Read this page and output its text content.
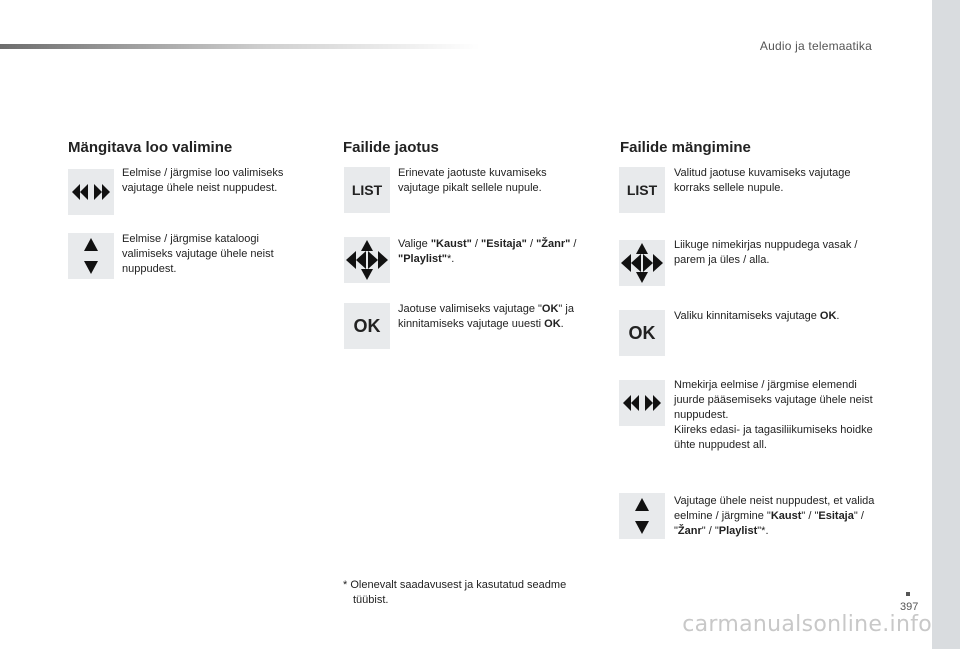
Audio ja telemaatika
Mängitava loo valimine
Eelmise / järgmise loo valimiseks vajutage ühele neist nuppudest.
Eelmise / järgmise kataloogi valimiseks vajutage ühele neist nuppudest.
Failide jaotus
LIST
Erinevate jaotuste kuvamiseks vajutage pikalt sellele nupule.
Valige "Kaust" / "Esitaja" / "Žanr" / "Playlist"*.
OK
Jaotuse valimiseks vajutage "OK" ja kinnitamiseks vajutage uuesti OK.
* Olenevalt saadavusest ja kasutatud seadme
tüübist.
Failide mängimine
LIST
Valitud jaotuse kuvamiseks vajutage korraks sellele nupule.
Liikuge nimekirjas nuppudega vasak / parem ja üles / alla.
OK
Valiku kinnitamiseks vajutage OK.
Nmekirja eelmise / järgmise elemendi juurde pääsemiseks vajutage ühele neist nuppudest.
Kiireks edasi- ja tagasiliikumiseks hoidke ühte nuppudest all.
Vajutage ühele neist nuppudest, et valida eelmine / järgmine "Kaust" / "Esitaja" / "Žanr" / "Playlist"*.
397
carmanualsonline.info
